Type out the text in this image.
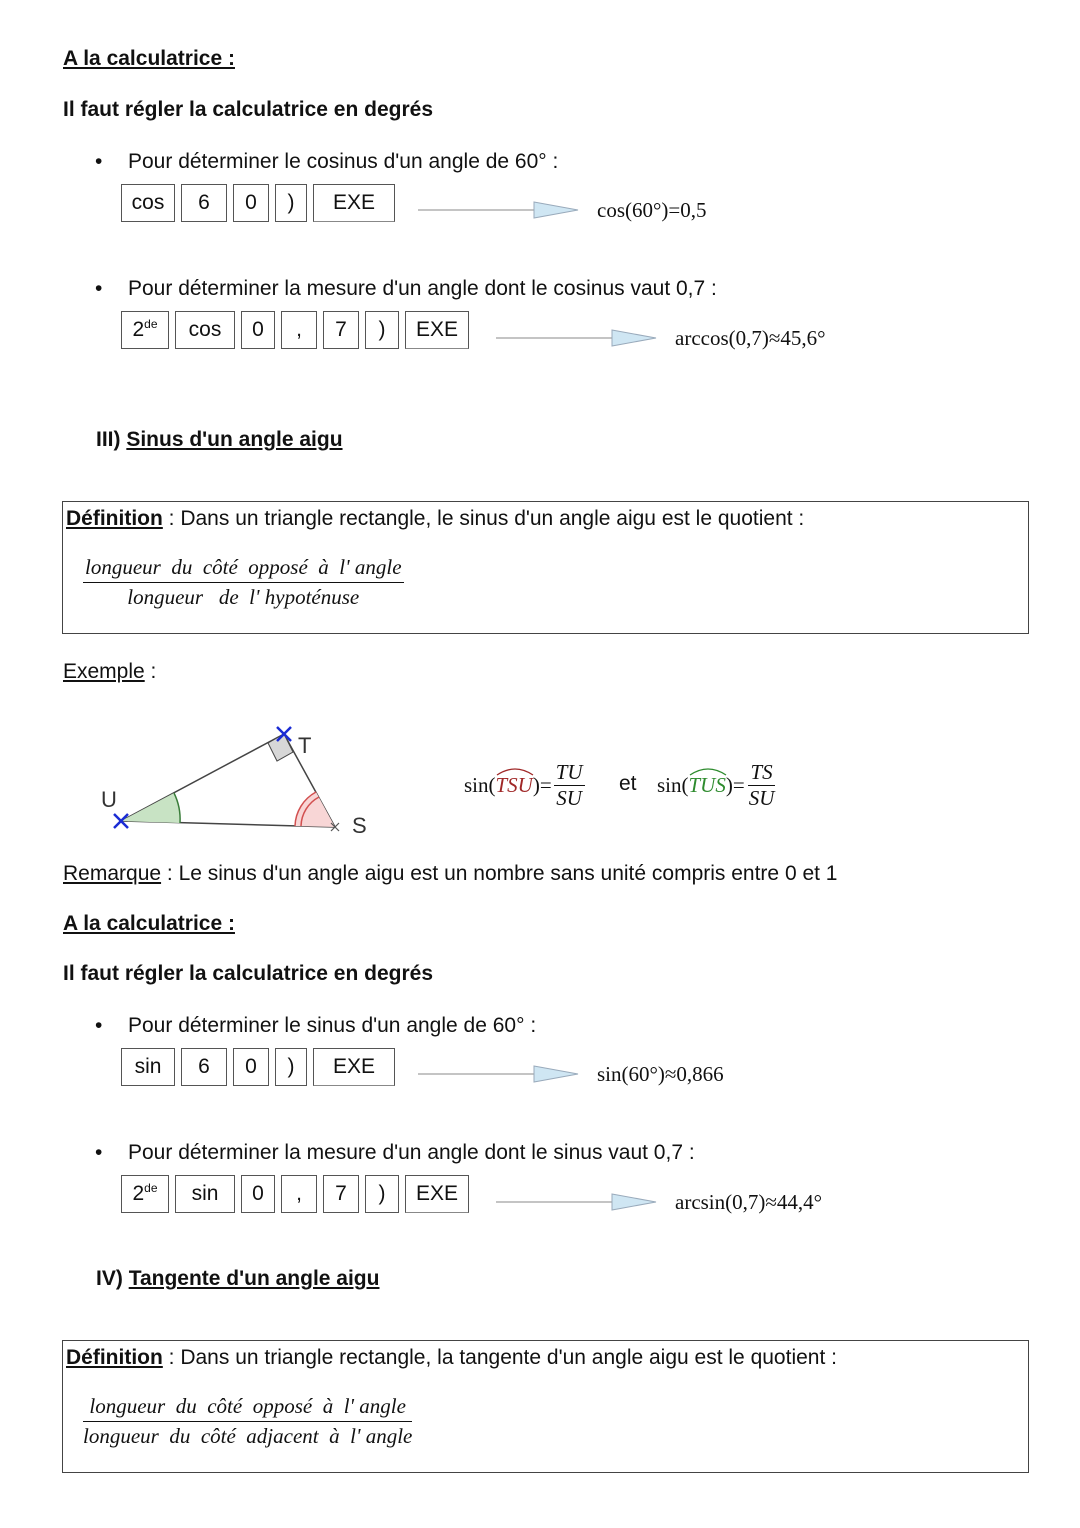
A la calculatrice :
Il faut régler la calculatrice en degrés
• Pour déterminer le cosinus d'un angle de 60° :
cos	6	0	)	EXE	cos(60°)=0,5
• Pour déterminer la mesure d'un angle dont le cosinus vaut 0,7 :
2de	cos	0	,	7	)	EXE	arccos(0,7)≈45,6°
III) Sinus d'un angle aigu
Définition : Dans un triangle rectangle, le sinus d'un angle aigu est le quotient :
longueur  du  côté  opposé  à  l' angle
longueur   de  l' hypoténuse
Exemple :
T
U
S
sin( TSU )= $\frac{TU}{SU}$ et sin( TUS )= $\frac{TS}{SU}$
Remarque : Le sinus d'un angle aigu est un nombre sans unité compris entre 0 et 1
A la calculatrice :
Il faut régler la calculatrice en degrés
• Pour déterminer le sinus d'un angle de 60° :
sin	6	0	)	EXE	sin(60°)≈0,866
• Pour déterminer la mesure d'un angle dont le sinus vaut 0,7 :
2de	sin	0	,	7	)	EXE	arcsin(0,7)≈44,4°
IV) Tangente d'un angle aigu
Définition : Dans un triangle rectangle, la tangente d'un angle aigu est le quotient :
longueur  du  côté  opposé  à  l' angle
longueur  du  côté  adjacent  à  l' angle
